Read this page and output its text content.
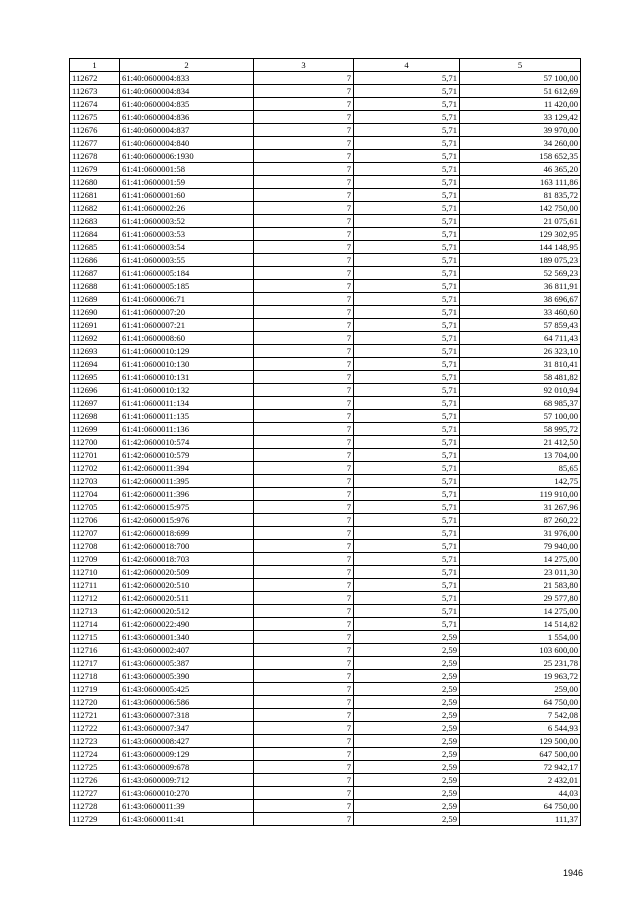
1	2	3	4	5
112672	61:40:0600004:833	7	5,71	57 100,00
112673	61:40:0600004:834	7	5,71	51 612,69
112674	61:40:0600004:835	7	5,71	11 420,00
112675	61:40:0600004:836	7	5,71	33 129,42
112676	61:40:0600004:837	7	5,71	39 970,00
112677	61:40:0600004:840	7	5,71	34 260,00
112678	61:40:0600006:1930	7	5,71	158 652,35
112679	61:41:0600001:58	7	5,71	46 365,20
112680	61:41:0600001:59	7	5,71	163 111,86
112681	61:41:0600001:60	7	5,71	81 835,72
112682	61:41:0600002:26	7	5,71	142 750,00
112683	61:41:0600003:52	7	5,71	21 075,61
112684	61:41:0600003:53	7	5,71	129 302,95
112685	61:41:0600003:54	7	5,71	144 148,95
112686	61:41:0600003:55	7	5,71	189 075,23
112687	61:41:0600005:184	7	5,71	52 569,23
112688	61:41:0600005:185	7	5,71	36 811,91
112689	61:41:0600006:71	7	5,71	38 696,67
112690	61:41:0600007:20	7	5,71	33 460,60
112691	61:41:0600007:21	7	5,71	57 859,43
112692	61:41:0600008:60	7	5,71	64 711,43
112693	61:41:0600010:129	7	5,71	26 323,10
112694	61:41:0600010:130	7	5,71	31 810,41
112695	61:41:0600010:131	7	5,71	58 481,82
112696	61:41:0600010:132	7	5,71	92 010,94
112697	61:41:0600011:134	7	5,71	68 985,37
112698	61:41:0600011:135	7	5,71	57 100,00
112699	61:41:0600011:136	7	5,71	58 995,72
112700	61:42:0600010:574	7	5,71	21 412,50
112701	61:42:0600010:579	7	5,71	13 704,00
112702	61:42:0600011:394	7	5,71	85,65
112703	61:42:0600011:395	7	5,71	142,75
112704	61:42:0600011:396	7	5,71	119 910,00
112705	61:42:0600015:975	7	5,71	31 267,96
112706	61:42:0600015:976	7	5,71	87 260,22
112707	61:42:0600018:699	7	5,71	31 976,00
112708	61:42:0600018:700	7	5,71	79 940,00
112709	61:42:0600018:703	7	5,71	14 275,00
112710	61:42:0600020:509	7	5,71	23 011,30
112711	61:42:0600020:510	7	5,71	21 583,80
112712	61:42:0600020:511	7	5,71	29 577,80
112713	61:42:0600020:512	7	5,71	14 275,00
112714	61:42:0600022:490	7	5,71	14 514,82
112715	61:43:0600001:340	7	2,59	1 554,00
112716	61:43:0600002:407	7	2,59	103 600,00
112717	61:43:0600005:387	7	2,59	25 231,78
112718	61:43:0600005:390	7	2,59	19 963,72
112719	61:43:0600005:425	7	2,59	259,00
112720	61:43:0600006:586	7	2,59	64 750,00
112721	61:43:0600007:318	7	2,59	7 542,08
112722	61:43:0600007:347	7	2,59	6 544,93
112723	61:43:0600008:427	7	2,59	129 500,00
112724	61:43:0600009:129	7	2,59	647 500,00
112725	61:43:0600009:678	7	2,59	72 942,17
112726	61:43:0600009:712	7	2,59	2 432,01
112727	61:43:0600010:270	7	2,59	44,03
112728	61:43:0600011:39	7	2,59	64 750,00
112729	61:43:0600011:41	7	2,59	111,37
1946
